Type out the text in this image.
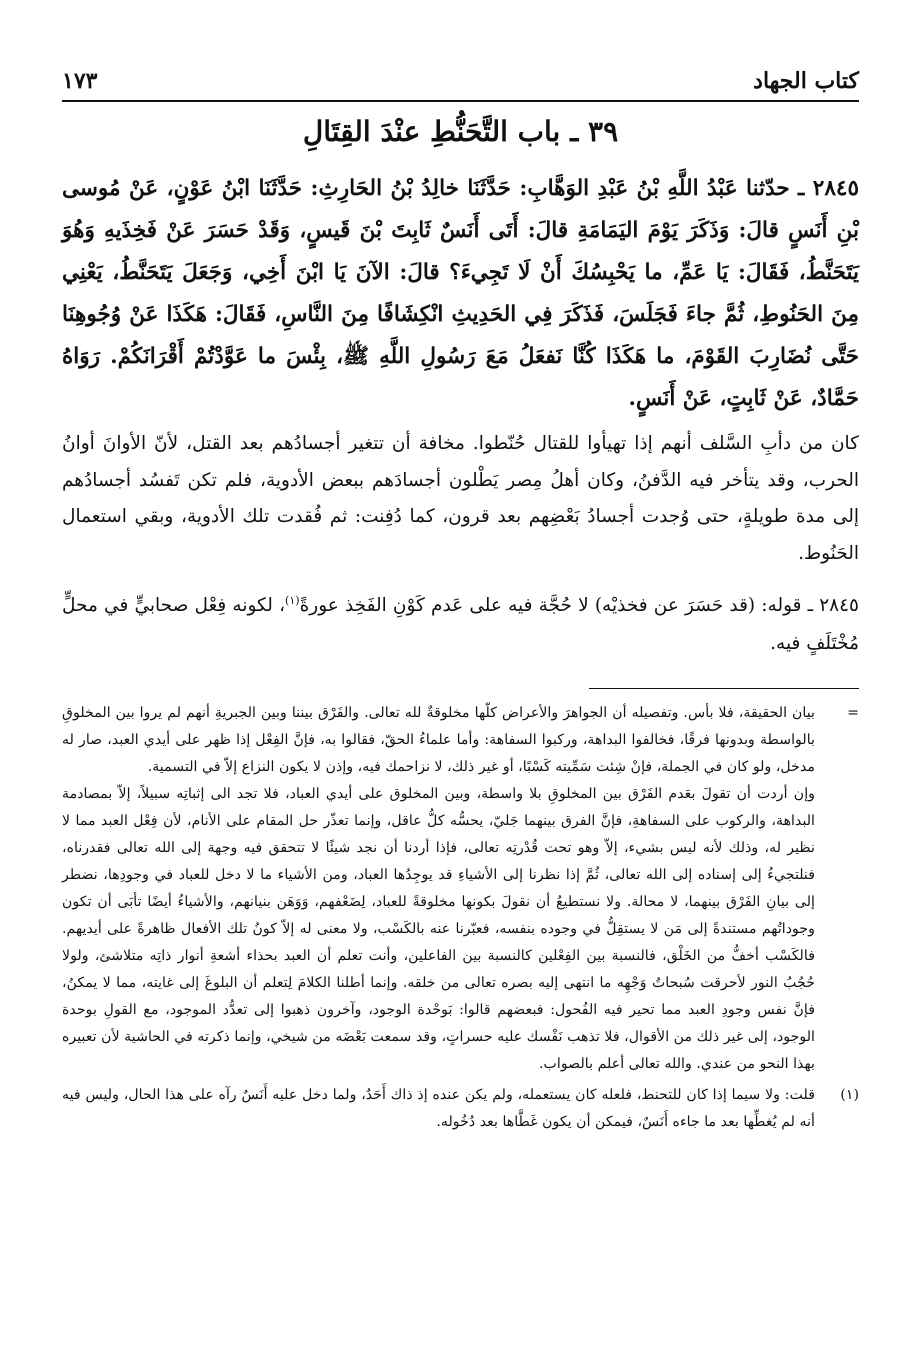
كتاب الجهاد
١٧٣
٣٩ ـ باب التَّحَنُّطِ عنْدَ القِتَالِ
٢٨٤٥ ـ حدّثنا عَبْدُ اللَّهِ بْنُ عَبْدِ الوَهَّابِ: حَدَّثَنَا خالِدُ بْنُ الحَارِثِ: حَدَّثَنَا ابْنُ عَوْنٍ، عَنْ مُوسى بْنِ أَنَسٍ قالَ: وَذَكَرَ يَوْمَ اليَمَامَةِ قالَ: أَتَى أَنَسٌ ثَابِتَ بْنَ قَيسٍ، وَقَدْ حَسَرَ عَنْ فَخِذَيهِ وَهُوَ يَتَحَنَّطُ، فَقَالَ: يَا عَمِّ، ما يَحْبِسُكَ أَنْ لَا تَجِيءَ؟ قالَ: الآنَ يَا ابْنَ أَخِي، وَجَعَلَ يَتَحَنَّطُ، يَعْنِي مِنَ الحَنُوطِ، ثُمَّ جاءَ فَجَلَسَ، فَذَكَرَ فِي الحَدِيثِ انْكِشَافًا مِنَ النَّاسِ، فَقَالَ: هَكَذَا عَنْ وُجُوهِنَا حَتَّى نُضَارِبَ القَوْمَ، ما هَكَذَا كُنَّا نَفعَلُ مَعَ رَسُولِ اللَّهِ ﷺ، بِئْسَ ما عَوَّدْتُمْ أَقْرَانَكُمْ. رَوَاهُ حَمَّادٌ، عَنْ ثَابِتٍ، عَنْ أَنَسٍ.
كان من دأبِ السَّلف أنهم إذا تهيأوا للقتال حُنّطوا. مخافة أن تتغير أجسادُهم بعد القتل، لأنّ الأوانَ أوانُ الحرب، وقد يتأخر فيه الدَّفنُ، وكان أهلُ مِصر يَطْلون أجسادَهم ببعض الأدوية، فلم تكن تَفسُد أجسادُهم إلى مدة طويلةٍ، حتى وُجدت أجسادُ بَعْضِهم بعد قرون، كما دُفِنت: ثم فُقدت تلك الأدوية، وبقي استعمال الحَنُوط.
٢٨٤٥ ـ قوله: (قد حَسَرَ عن فخذيْه) لا حُجَّة فيه على عَدم كَوْنِ الفَخِذ عورةً$^{(١)}$، لكونه فِعْل صحابيٍّ في محلٍّ مُخْتَلَفٍ فيه.
=

بيان الحقيقة، فلا بأس. وتفصيله أن الجواهرَ والأعراض كلّها مخلوقةٌ لله تعالى. والفَرْق بيننا وبين الجبريةِ أنهم لم يروا بين المخلوقِ بالواسطة وبدونها فرقًا، فخالفوا البداهة، وركبوا السفاهة: وأما علماءُ الحقّ، فقالوا به، فإنَّ الفِعْل إذا ظهر على أيدي العبد، صار له مدخل، ولو كان في الجملة، فإنْ شِئت سَمِّيته كَسْبًا، أو غير ذلك، لا نزاحمك فيه، وإذن لا يكون النزاع إلاّ في التسمية.

وإن أردت أن تقولَ بعَدم الفَرْق بين المخلوقِ بلا واسطة، وبين المخلوق على أيدي العباد، فلا تجد الى إثباتِه سبيلاً، إلاّ بمصادمة البداهة، والركوب على السفاهةِ، فإنَّ الفرق بينهما جَليّ، يحسُّه كلُّ عاقل، وإنما تعذّر حل المقام على الأنام، لأن فِعْل العبد مما لا نظير له، وذلك لأنه ليس بشيء، إلاّ وهو تحت قُدْرتِه تعالى، فإذا أردنا أن نجد شيئًا لا تتحقق فيه وجهة إلى الله تعالى فقدرناه، فنلتجيءُ إلى إسناده إلى الله تعالى، ثُمَّ إذا نظرنا إلى الأشياءِ قد يوجِدُها العباد، ومن الأشياء ما لا دخل للعباد في وجودِها، نضطر إلى بيانِ الفَرْق بينهما، لا محالة. ولا نستطيعُ أن نقولَ بكونها مخلوقةً للعباد، لِضَعْفهم، وَوَهَن بنيانهم، والأشياءُ أيضًا تأبَى أن تكون وجوداتُهم مستندةً إلى مَن لا يستقِلُّ في وجوده بنفسه، فعبّرنا عنه بالكَسْب، ولا معنى له إلاّ كونُ تلك الأفعال ظاهرةً على أيديهم. فالكَسْب أخفُّ من الخَلْق، فالنسبة بين الفِعْلين كالنسبة بين الفاعلين، وأنت تعلم أن العبد بحذاء أشعةِ أنوار ذاتِه متلاشئ، ولولا حُجُبُ النور لأحرقت سُبحاتُ وَجْهِه ما انتهى إليه بصره تعالى من خلقه. وإنما أطلنا الكلامَ لِتعلم أن البلوغَ إلى غايته، مما لا يمكنُ، فإنَّ نفس وجودِ العبد مما تحير فيه الفُحول: فبعضهم قالوا: بَوحْدة الوجود، وآخرون ذهبوا إلى تعدُّد الموجود، مع القولِ بوحدة الوجود، إلى غير ذلك من الأقوال، فلا تذهب نَفْسك عليه حسراتٍ، وقد سمعت بَعْضَه من شيخي، وإنما ذكرته في الحاشية لأن تعبيره بهذا النحو من عندي. والله تعالى أعلم بالصواب.

(١)

قلت: ولا سيما إذا كان للتحنط، فلعله كان يستعمله، ولم يكن عنده إذ ذاك أَحَدٌ، ولما دخل عليه أَنَسٌ رآه على هذا الحال، وليس فيه أنه لم يُغطِّها بعد ما جاءه أَنَسٌ، فيمكن أن يكون غَطَّاها بعد دُخُوله.
